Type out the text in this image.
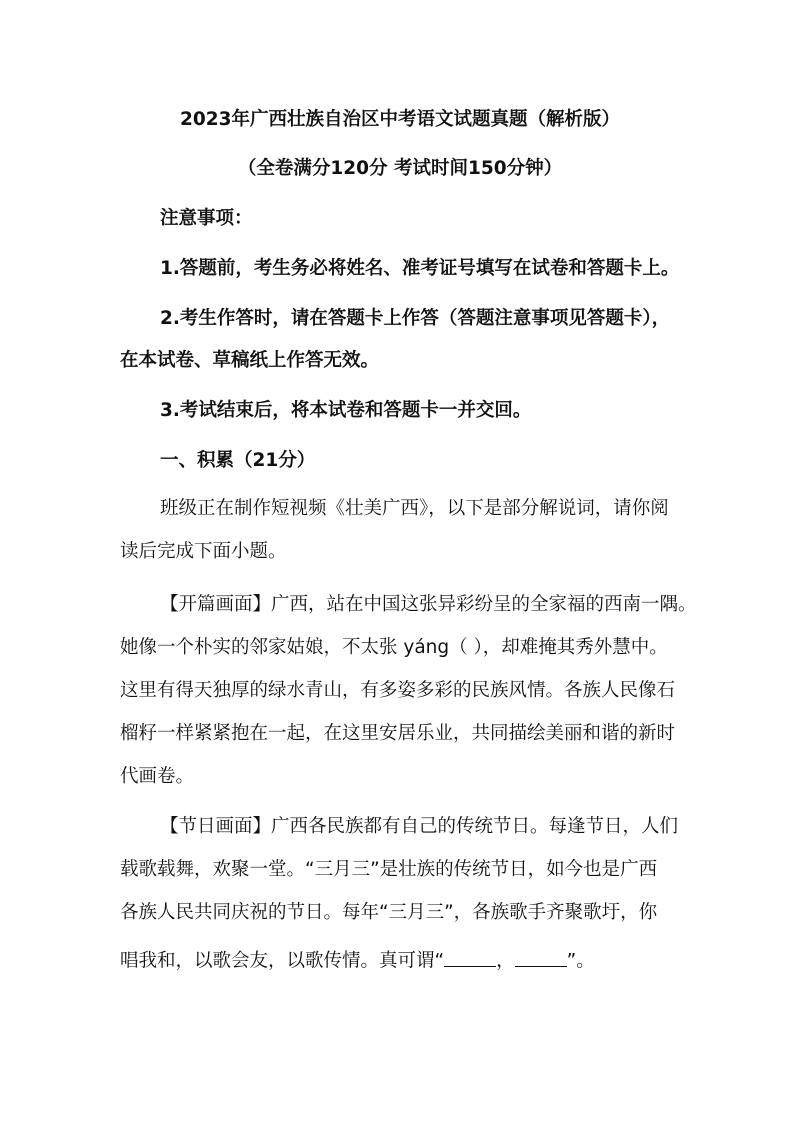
2023年广西壮族自治区中考语文试题真题（解析版）
（全卷满分120分 考试时间150分钟）
注意事项：
1.答题前，考生务必将姓名、准考证号填写在试卷和答题卡上。
2.考生作答时，请在答题卡上作答（答题注意事项见答题卡），
在本试卷、草稿纸上作答无效。
3.考试结束后，将本试卷和答题卡一并交回。
一、积累（21分）
班级正在制作短视频《壮美广西》，以下是部分解说词，请你阅
读后完成下面小题。
【开篇画面】广西，站在中国这张异彩纷呈的全家福的西南一隅。
她像一个朴实的邻家姑娘，不太张 yáng（ ），却难掩其秀外慧中。
这里有得天独厚的绿水青山，有多姿多彩的民族风情。各族人民像石
榴籽一样紧紧抱在一起，在这里安居乐业，共同描绘美丽和谐的新时
代画卷。
【节日画面】广西各民族都有自己的传统节日。每逢节日，人们
载歌载舞，欢聚一堂。“三月三”是壮族的传统节日，如今也是广西
各族人民共同庆祝的节日。每年“三月三”，各族歌手齐聚歌圩，你
唱我和，以歌会友，以歌传情。真可谓“	，	”。
